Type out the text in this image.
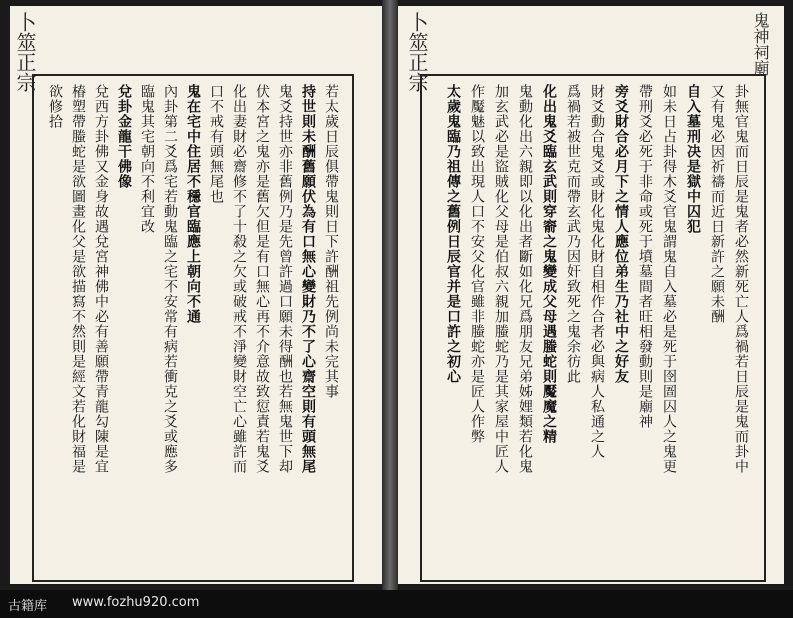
卜筮正宗
若太歲日辰俱帶鬼則日下許酬祖先例尚未完其事
持世則未酬舊願伏為有口無心變財乃不了心齋空則有頭無尾
鬼爻持世亦非舊例乃是先曾許過口願未得酬也若無鬼世下却
伏本宮之鬼亦是舊欠但是有口無心再不介意故致愆責若鬼爻
化出妻財必齋修不了十殺之欠或破戒不淨變財空亡心雖許而
口不戒有頭無尾也
鬼在宅中住居不穩官臨應上朝向不通
內卦第二爻爲宅若動鬼臨之宅不安常有病若衝克之爻或應多
臨鬼其宅朝向不利宜改
兌卦金龍干佛像
兌西方卦佛又金身故遇兌宮神佛中必有善願帶青龍勾陳是宜
椿塑帶螣蛇是欲圖畫化父是欲描寫不然則是經文若化財福是
欲修拾
卜筮正宗	鬼神祠廟
卦無官鬼而日辰是鬼者必然新死亡人爲禍若日辰是鬼而卦中
又有鬼必因祈禱而近日新許之願未酬
自入墓刑决是獄中囚犯
如未日占卦得木爻官鬼謂鬼自入墓必是死于囹圄囚人之鬼更
帶刑爻必死于非命或死于墳墓間者旺相發動則是廟神
旁爻財合必月下之情人應位弟生乃社中之好友
財爻動合鬼爻或財化鬼化財自相作合者必與病人私通之人
爲禍若被世克而帶玄武乃因奸致死之鬼余彷此
化出鬼爻臨玄武則穿窬之鬼變成父母遇螣蛇則魘魔之精
鬼動化出六親即以化出者斷如化兄爲朋友兄弟姊娌類若化鬼
加玄武必是盜賊化父母是伯叔六親加螣蛇乃是其家屋中匠人
作魘魅以致出現人口不安父化官雖非螣蛇亦是匠人作弊
太歲鬼臨乃祖傳之舊例日辰官并是口許之初心
古籍库 www.fozhu920.com
